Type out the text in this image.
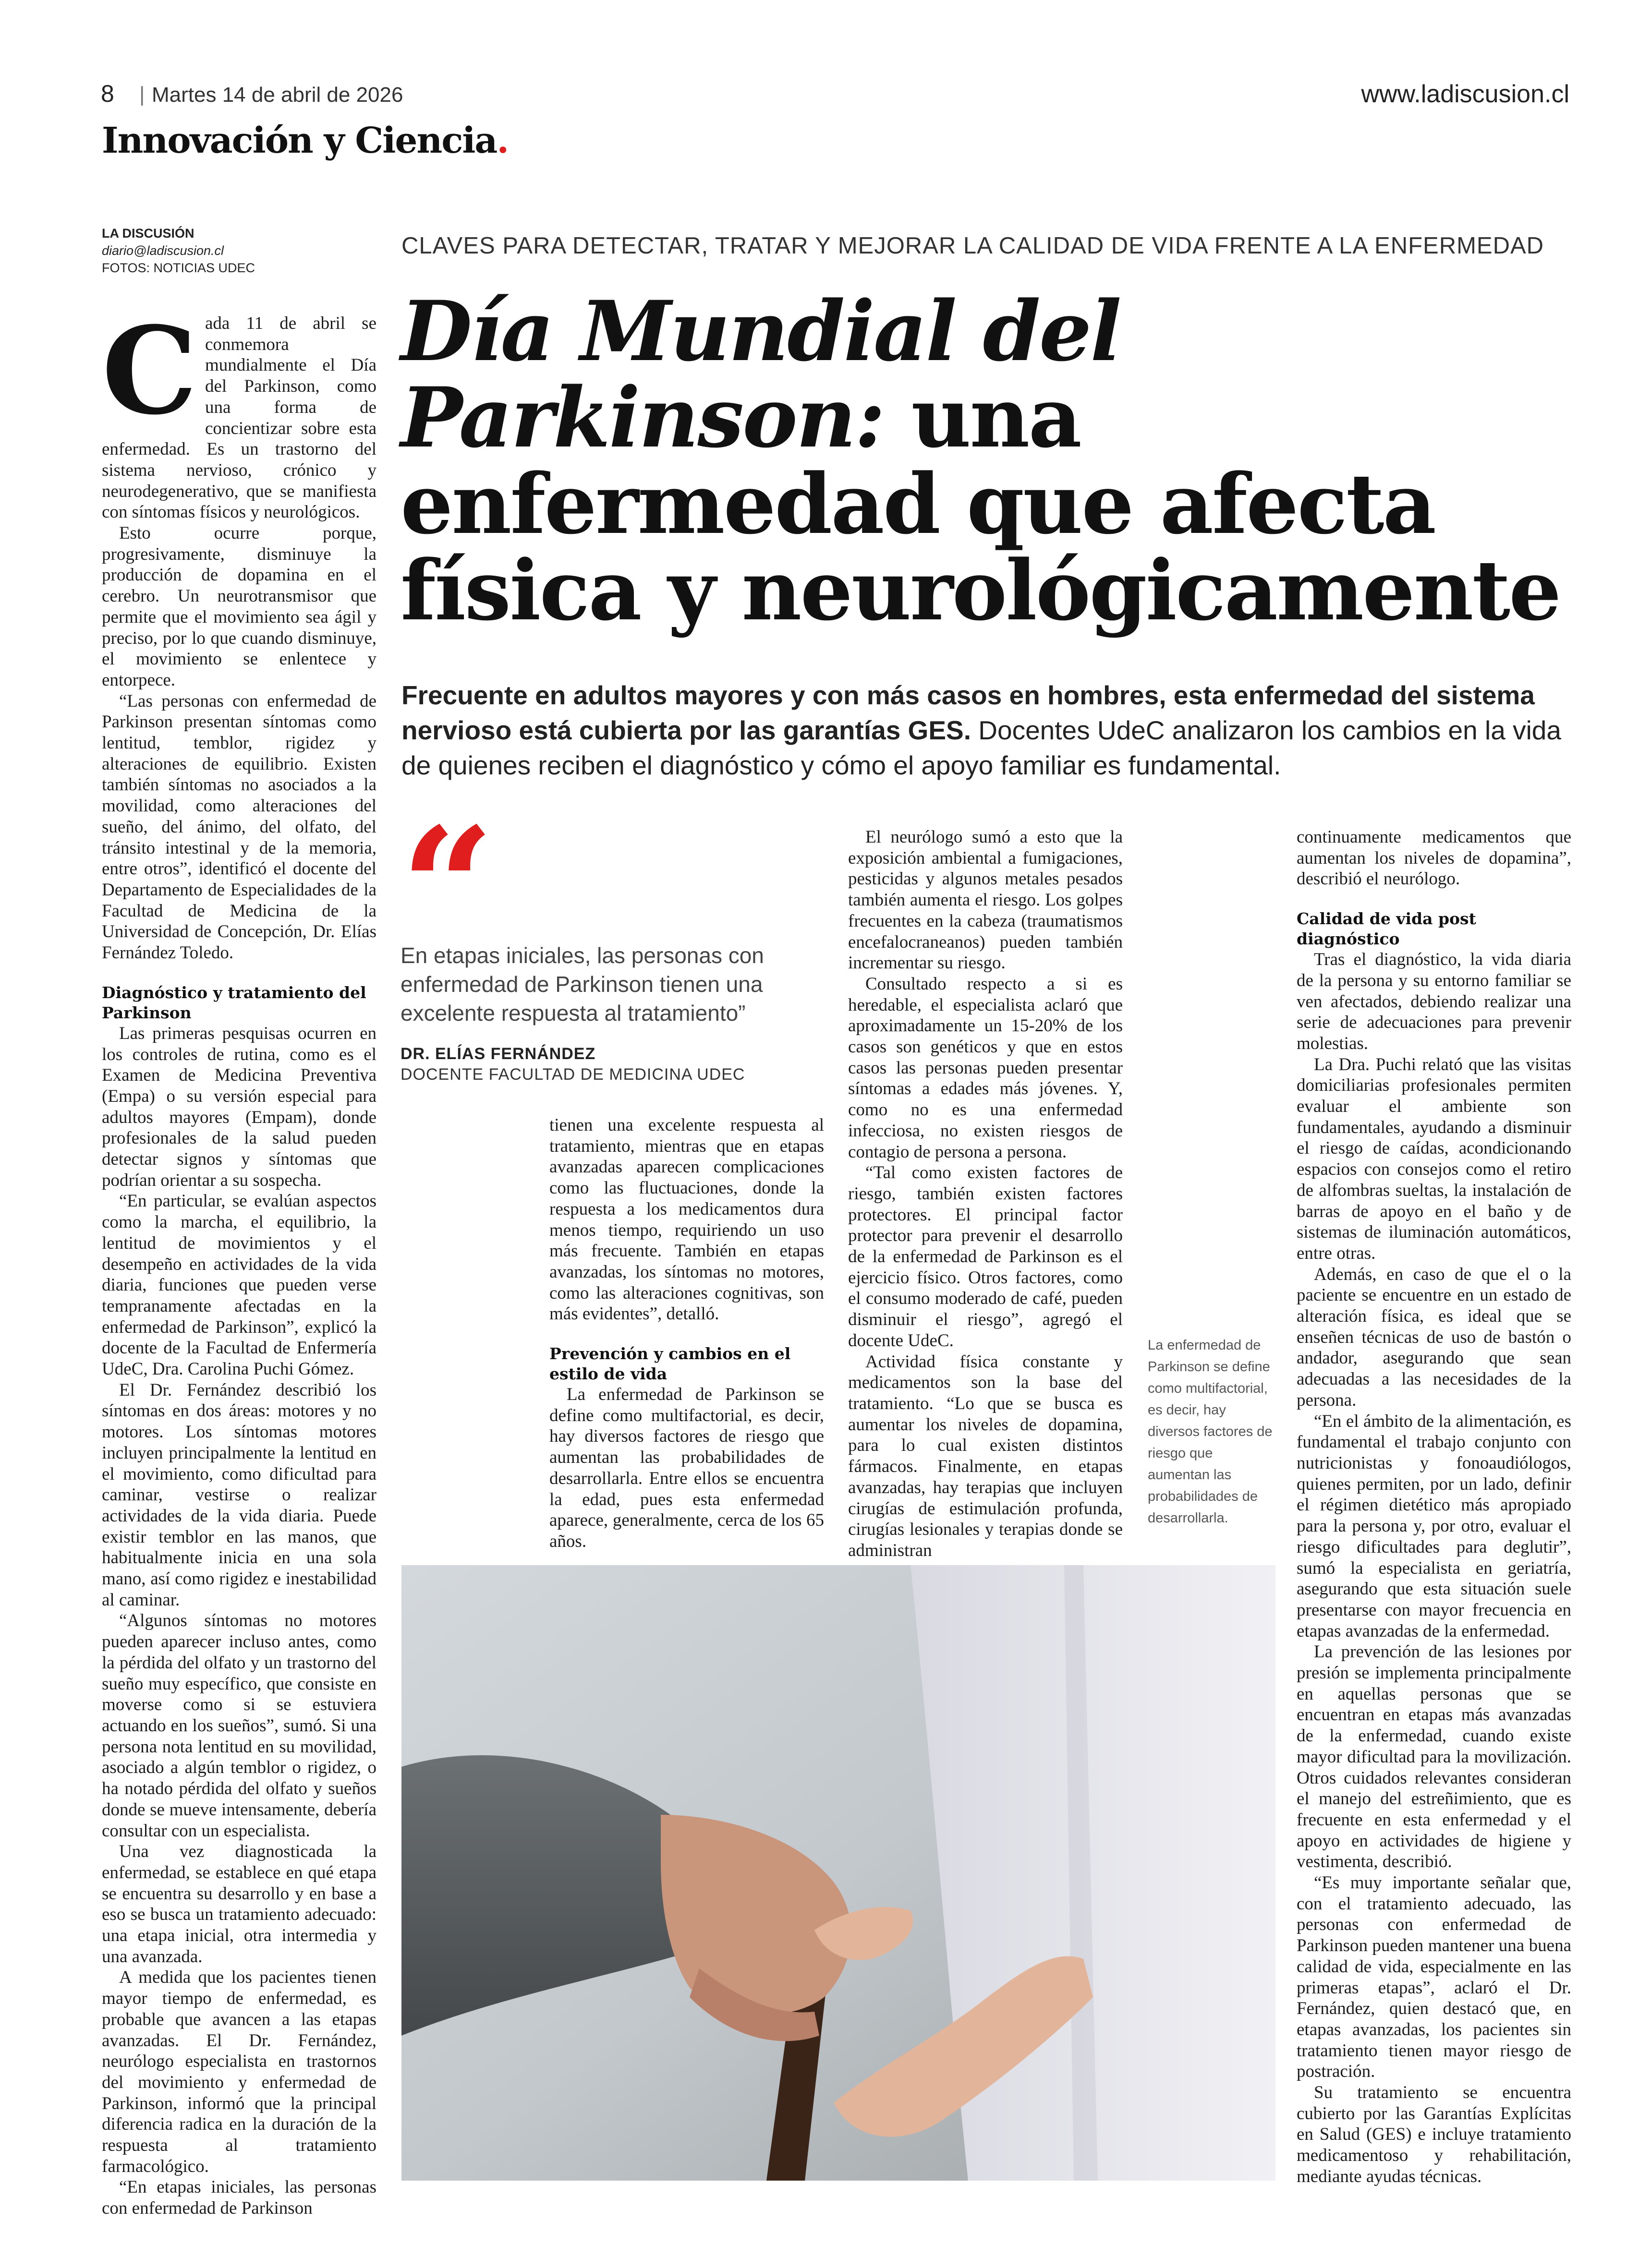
8 | Martes 14 de abril de 2026	www.ladiscusion.cl
Innovación y Ciencia.
LA DISCUSIÓN
diario@ladiscusion.cl
FOTOS: NOTICIAS UDEC
CLAVES PARA DETECTAR, TRATAR Y MEJORAR LA CALIDAD DE VIDA FRENTE A LA ENFERMEDAD
Día Mundial del
Parkinson: una
enfermedad que afecta
física y neurológicamente
Frecuente en adultos mayores y con más casos en hombres, esta enfermedad del sistema nervioso está cubierta por las garantías GES. Docentes UdeC analizaron los cambios en la vida de quienes reciben el diagnóstico y cómo el apoyo familiar es fundamental.

Cada 11 de abril se conmemora mundialmente el Día del Parkinson, como una forma de concientizar sobre esta enfermedad. Es un trastorno del sistema nervioso, crónico y neurodegenerativo, que se manifiesta con síntomas físicos y neurológicos.

Esto ocurre porque, progresivamente, disminuye la producción de dopamina en el cerebro. Un neurotransmisor que permite que el movimiento sea ágil y preciso, por lo que cuando disminuye, el movimiento se enlentece y entorpece.

“Las personas con enfermedad de Parkinson presentan síntomas como lentitud, temblor, rigidez y alteraciones de equilibrio. Existen también síntomas no asociados a la movilidad, como alteraciones del sueño, del ánimo, del olfato, del tránsito intestinal y de la memoria, entre otros”, identificó el docente del Departamento de Especialidades de la Facultad de Medicina de la Universidad de Concepción, Dr. Elías Fernández Toledo.

Diagnóstico y tratamiento del Parkinson

Las primeras pesquisas ocurren en los controles de rutina, como es el Examen de Medicina Preventiva (Empa) o su versión especial para adultos mayores (Empam), donde profesionales de la salud pueden detectar signos y síntomas que podrían orientar a su sospecha.

“En particular, se evalúan aspectos como la marcha, el equilibrio, la lentitud de movimientos y el desempeño en actividades de la vida diaria, funciones que pueden verse tempranamente afectadas en la enfermedad de Parkinson”, explicó la docente de la Facultad de Enfermería UdeC, Dra. Carolina Puchi Gómez.

El Dr. Fernández describió los síntomas en dos áreas: motores y no motores. Los síntomas motores incluyen principalmente la lentitud en el movimiento, como dificultad para caminar, vestirse o realizar actividades de la vida diaria. Puede existir temblor en las manos, que habitualmente inicia en una sola mano, así como rigidez e inestabilidad al caminar.

“Algunos síntomas no motores pueden aparecer incluso antes, como la pérdida del olfato y un trastorno del sueño muy específico, que consiste en moverse como si se estuviera actuando en los sueños”, sumó. Si una persona nota lentitud en su movilidad, asociado a algún temblor o rigidez, o ha notado pérdida del olfato y sueños donde se mueve intensamente, debería consultar con un especialista.

Una vez diagnosticada la enfermedad, se establece en qué etapa se encuentra su desarrollo y en base a eso se busca un tratamiento adecuado: una etapa inicial, otra intermedia y una avanzada.

A medida que los pacientes tienen mayor tiempo de enfermedad, es probable que avancen a las etapas avanzadas. El Dr. Fernández, neurólogo especialista en trastornos del movimiento y enfermedad de Parkinson, informó que la principal diferencia radica en la duración de la respuesta al tratamiento farmacológico.

“En etapas iniciales, las personas con enfermedad de Parkinson

“
En etapas iniciales, las personas con enfermedad de Parkinson tienen una excelente respuesta al tratamiento”
DR. ELÍAS FERNÁNDEZ
DOCENTE FACULTAD DE MEDICINA UDEC

tienen una excelente respuesta al tratamiento, mientras que en etapas avanzadas aparecen complicaciones como las fluctuaciones, donde la respuesta a los medicamentos dura menos tiempo, requiriendo un uso más frecuente. También en etapas avanzadas, los síntomas no motores, como las alteraciones cognitivas, son más evidentes”, detalló.

Prevención y cambios en el estilo de vida

La enfermedad de Parkinson se define como multifactorial, es decir, hay diversos factores de riesgo que aumentan las probabilidades de desarrollarla. Entre ellos se encuentra la edad, pues esta enfermedad aparece, generalmente, cerca de los 65 años.

El neurólogo sumó a esto que la exposición ambiental a fumigaciones, pesticidas y algunos metales pesados también aumenta el riesgo. Los golpes frecuentes en la cabeza (traumatismos encefalocraneanos) pueden también incrementar su riesgo.

Consultado respecto a si es heredable, el especialista aclaró que aproximadamente un 15-20% de los casos son genéticos y que en estos casos las personas pueden presentar síntomas a edades más jóvenes. Y, como no es una enfermedad infecciosa, no existen riesgos de contagio de persona a persona.

“Tal como existen factores de riesgo, también existen factores protectores. El principal factor protector para prevenir el desarrollo de la enfermedad de Parkinson es el ejercicio físico. Otros factores, como el consumo moderado de café, pueden disminuir el riesgo”, agregó el docente UdeC.

Actividad física constante y medicamentos son la base del tratamiento. “Lo que se busca es aumentar los niveles de dopamina, para lo cual existen distintos fármacos. Finalmente, en etapas avanzadas, hay terapias que incluyen cirugías de estimulación profunda, cirugías lesionales y terapias donde se administran

La enfermedad de Parkinson se define como multifactorial, es decir, hay diversos factores de riesgo que aumentan las probabilidades de desarrollarla.

continuamente medicamentos que aumentan los niveles de dopamina”, describió el neurólogo.

Calidad de vida post diagnóstico

Tras el diagnóstico, la vida diaria de la persona y su entorno familiar se ven afectados, debiendo realizar una serie de adecuaciones para prevenir molestias.

La Dra. Puchi relató que las visitas domiciliarias profesionales permiten evaluar el ambiente son fundamentales, ayudando a disminuir el riesgo de caídas, acondicionando espacios con consejos como el retiro de alfombras sueltas, la instalación de barras de apoyo en el baño y de sistemas de iluminación automáticos, entre otras.

Además, en caso de que el o la paciente se encuentre en un estado de alteración física, es ideal que se enseñen técnicas de uso de bastón o andador, asegurando que sean adecuadas a las necesidades de la persona.

“En el ámbito de la alimentación, es fundamental el trabajo conjunto con nutricionistas y fonoaudiólogos, quienes permiten, por un lado, definir el régimen dietético más apropiado para la persona y, por otro, evaluar el riesgo dificultades para deglutir”, sumó la especialista en geriatría, asegurando que esta situación suele presentarse con mayor frecuencia en etapas avanzadas de la enfermedad.

La prevención de las lesiones por presión se implementa principalmente en aquellas personas que se encuentran en etapas más avanzadas de la enfermedad, cuando existe mayor dificultad para la movilización. Otros cuidados relevantes consideran el manejo del estreñimiento, que es frecuente en esta enfermedad y el apoyo en actividades de higiene y vestimenta, describió.

“Es muy importante señalar que, con el tratamiento adecuado, las personas con enfermedad de Parkinson pueden mantener una buena calidad de vida, especialmente en las primeras etapas”, aclaró el Dr. Fernández, quien destacó que, en etapas avanzadas, los pacientes sin tratamiento tienen mayor riesgo de postración.

Su tratamiento se encuentra cubierto por las Garantías Explícitas en Salud (GES) e incluye tratamiento medicamentoso y rehabilitación, mediante ayudas técnicas.
